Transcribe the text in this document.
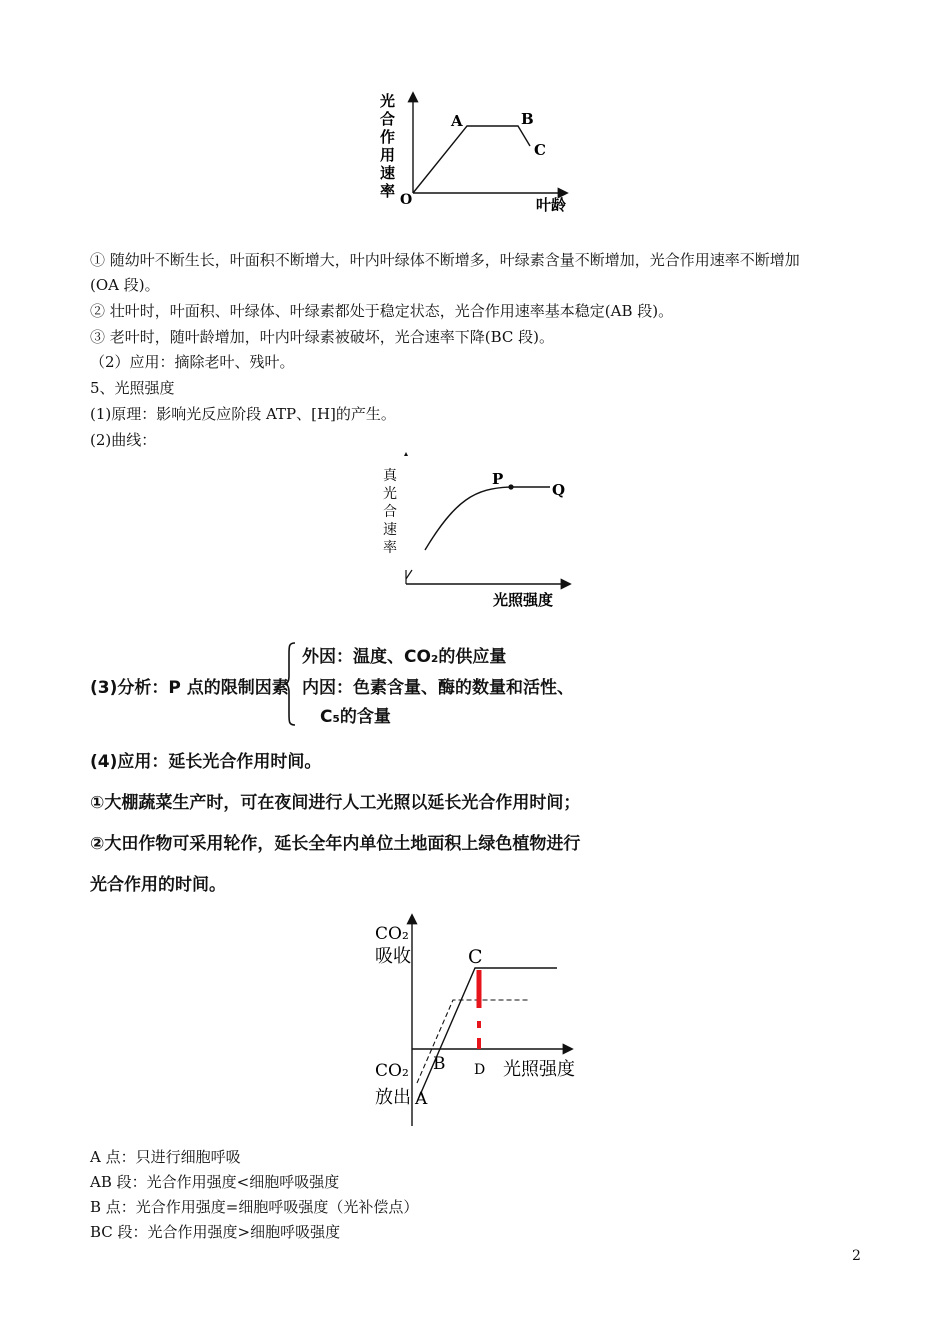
A	B
C
O	叶龄
光
合
作
用
速
率
① 随幼叶不断生长，叶面积不断增大，叶内叶绿体不断增多，叶绿素含量不断增加，光合作用速率不断增加
(OA 段)。
② 壮叶时，叶面积、叶绿体、叶绿素都处于稳定状态，光合作用速率基本稳定(AB 段)。
③ 老叶时，随叶龄增加，叶内叶绿素被破坏，光合速率下降(BC 段)。
（2）应用：摘除老叶、残叶。
5、光照强度
(1)原理：影响光反应阶段 ATP、[H]的产生。
(2)曲线：
P
Q
光照强度
真
光
合
速
率
(3)分析：P 点的限制因素
外因：温度、CO₂的供应量
内因：色素含量、酶的数量和活性、
C₅的含量
(4)应用：延长光合作用时间。
①大棚蔬菜生产时，可在夜间进行人工光照以延长光合作用时间；
②大田作物可采用轮作，延长全年内单位土地面积上绿色植物进行
光合作用的时间。
C
B
A
D 光照强度
CO₂
吸收
CO₂
放出
A 点：只进行细胞呼吸
AB 段：光合作用强度<细胞呼吸强度
B 点：光合作用强度=细胞呼吸强度（光补偿点）
BC 段：光合作用强度>细胞呼吸强度
2
